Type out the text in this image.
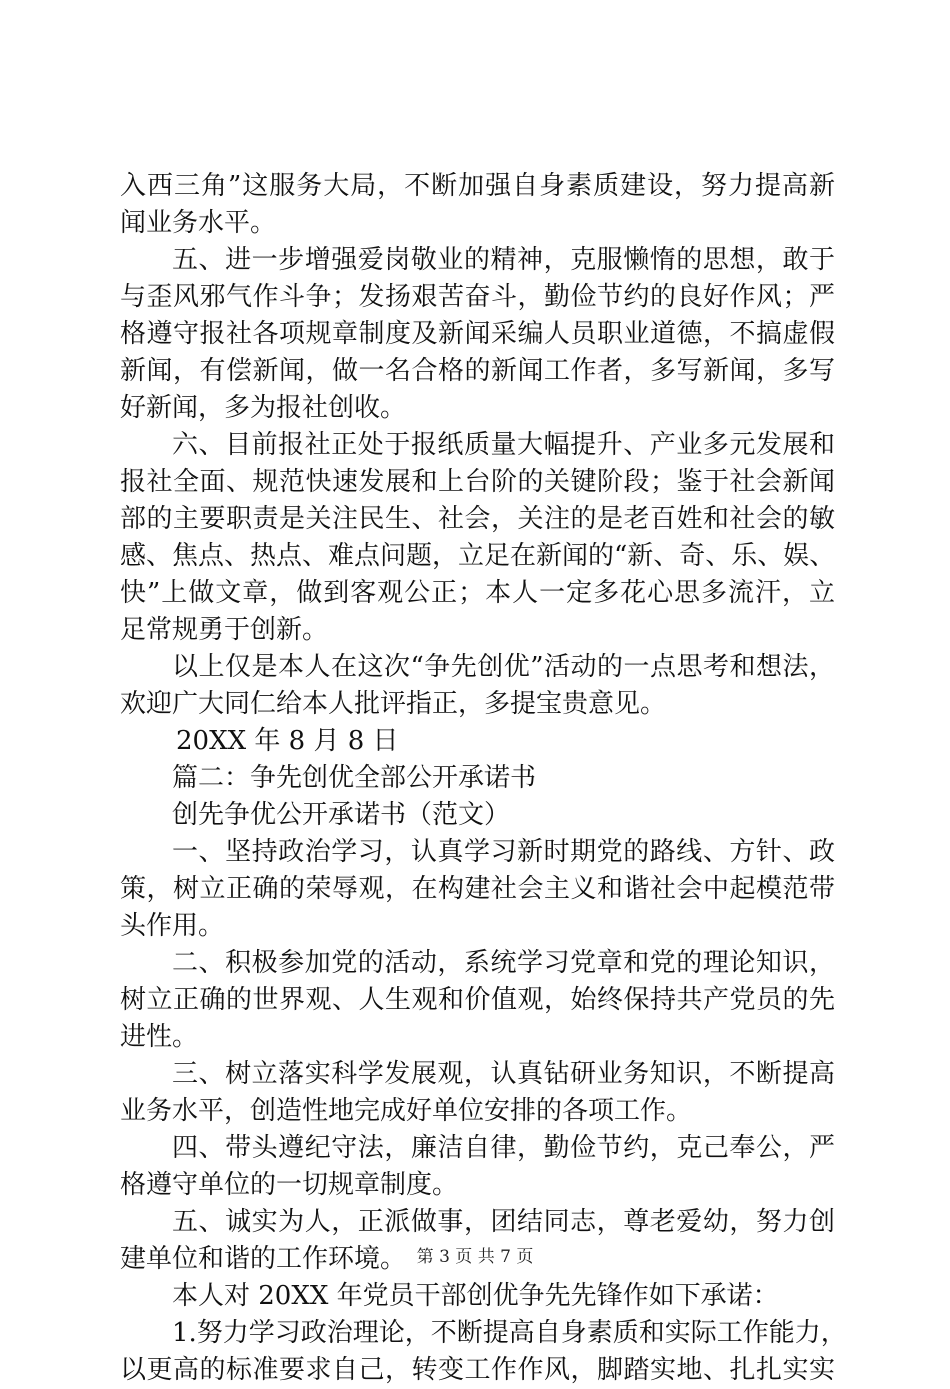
入西三角”这服务大局，不断加强自身素质建设，努力提高新
闻业务水平。
五、进一步增强爱岗敬业的精神，克服懒惰的思想，敢于
与歪风邪气作斗争；发扬艰苦奋斗，勤俭节约的良好作风；严
格遵守报社各项规章制度及新闻采编人员职业道德，不搞虚假
新闻，有偿新闻，做一名合格的新闻工作者，多写新闻，多写
好新闻，多为报社创收。
六、目前报社正处于报纸质量大幅提升、产业多元发展和
报社全面、规范快速发展和上台阶的关键阶段；鉴于社会新闻
部的主要职责是关注民生、社会，关注的是老百姓和社会的敏
感、焦点、热点、难点问题，立足在新闻的“新、奇、乐、娱、
快”上做文章，做到客观公正；本人一定多花心思多流汗，立
足常规勇于创新。
以上仅是本人在这次“争先创优”活动的一点思考和想法，
欢迎广大同仁给本人批评指正，多提宝贵意见。
20XX 年 8 月 8 日
篇二：争先创优全部公开承诺书
创先争优公开承诺书（范文）
一、坚持政治学习，认真学习新时期党的路线、方针、政
策，树立正确的荣辱观，在构建社会主义和谐社会中起模范带
头作用。
二、积极参加党的活动，系统学习党章和党的理论知识，
树立正确的世界观、人生观和价值观，始终保持共产党员的先
进性。
三、树立落实科学发展观，认真钻研业务知识，不断提高
业务水平，创造性地完成好单位安排的各项工作。
四、带头遵纪守法，廉洁自律，勤俭节约，克己奉公，严
格遵守单位的一切规章制度。
五、诚实为人，正派做事，团结同志，尊老爱幼，努力创
建单位和谐的工作环境。
本人对 20XX 年党员干部创优争先先锋作如下承诺：
1.努力学习政治理论，不断提高自身素质和实际工作能力，
以更高的标准要求自己，转变工作作风，脚踏实地、扎扎实实
第 3 页 共 7 页
